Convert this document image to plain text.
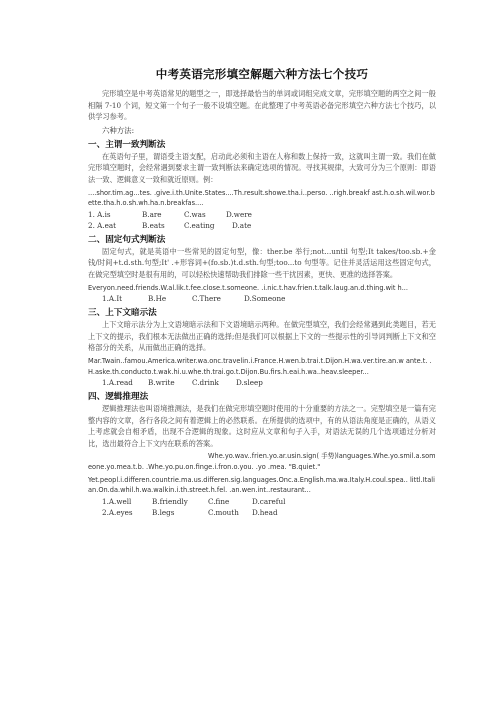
中考英语完形填空解题六种方法七个技巧

完形填空是中考英语常见的题型之一，即选择最恰当的单词或词组完成文章，完形填空题的两空之间一般相隔 7-10 个词，短文第一个句子一般不设填空题。在此整理了中考英语必备完形填空六种方法七个技巧，以供学习参考。

六种方法:

一、主谓一致判断法

在英语句子里，谓语受主语支配，启动此必须和主语在人称和数上保持一致，这就叫主谓一致。我们在做完形填空题时，会经常遇到要求主谓一致判断法来确定选项的情况。寻找其规律，大致可分为三个原则：即语法一致、逻辑意义一致和就近原则。例：

....shor.tim.ag...tes. .give.i.th.Unite.States....Th.result.showe.tha.i..perso. ..righ.breakf ast.h.o.sh.wil.wor.bette.tha.h.o.sh.wh.ha.n.breakfas....

1. A.is	B.are	C.was	D.were
2. A.eat	B.eats	C.eating	D.ate
二、固定句式判断法

固定句式，就是英语中一些常见的固定句型，像：ther.be 举行;not...until 句型;It takes/too.sb.+金钱/时间+t.d.sth.句型;It' .+形容词+(fo.sb.)t.d.sth.句型;too...to 句型等。记住并灵活运用这些固定句式，在做完型填空时是很有用的，可以轻松快速帮助我们排除一些干扰因素，更快、更准的选择答案。

Everyon.need.friends.W.al.lik.t.fee.close.t.someone. .i.nic.t.hav.frien.t.talk.laug.an.d.thing.wit h...

1.A.It	B.He	C.There	D.Someone
三、上下文暗示法

上下文暗示法分为上文语境暗示法和下文语境暗示两种。在做完型填空，我们会经常遇到此类题目，若无上下文的提示，我们根本无法做出正确的选择;但是我们可以根据上下文的一些提示性的引导词判断上下文和空格部分的关系，从而做出正确的选择。

Mar.Twain..famou.America.writer.wa.onc.travelin.i.France.H.wen.b.trai.t.Dijon.H.wa.ver.tire.an.w ante.t. .H.aske.th.conducto.t.wak.hi.u.whe.th.trai.go.t.Dijon.Bu.firs.h.eai.h.wa..heav.sleeper...

1.A.read	B.write	C.drink	D.sleep
四、逻辑推理法

逻辑推理法也叫语境推测法，是我们在做完形填空题时使用的十分重要的方法之一。完型填空是一篇有完整内容的文章，各行各段之间有着逻辑上的必然联系。在所提供的选项中，有的从语法角度是正确的，从语义上考虑就会自相矛盾，出现不合逻辑的现象。这时应从文章和句子入手，对语法无误的几个选项通过分析对比，选出最符合上下文内在联系的答案。

Whe.yo.wav..frien.yo.ar.usin.sign( 手势)languages.Whe.yo.smil.a.someone.yo.mea.t.b. .Whe.yo.pu.on.finge.i.fron.o.you. .yo .mea. "B.quiet."

Yet.peopl.i.differen.countrie.ma.us.differen.sig.languages.Onc.a.English.ma.wa.Italy.H.coul.spea.. littl.Italian.On.da.whil.h.wa.walkin.i.th.street.h.fel. .an.wen.int..restaurant...

1.A.well	B.friendly	C.fine	D.careful
2.A.eyes	B.legs	C.mouth	D.head
